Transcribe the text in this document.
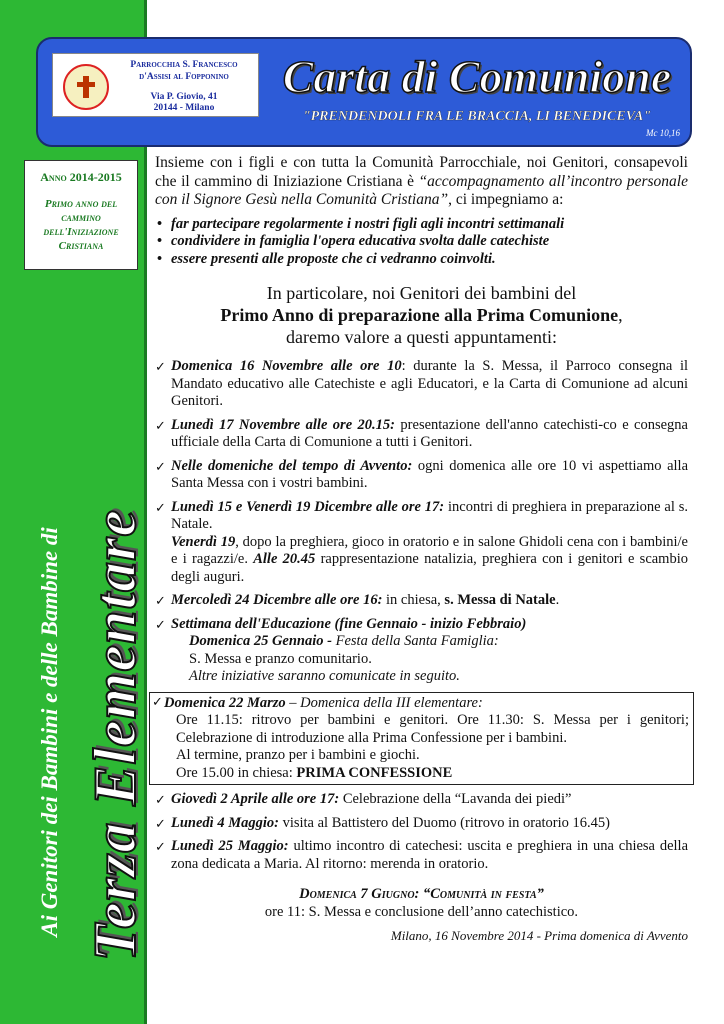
Anno 2014-2015
Primo anno del cammino dell'Iniziazione Cristiana
Terza Elementare
Ai Genitori dei Bambini e delle Bambine di
Parrocchia S. Francesco
d'Assisi al Fopponino
Via P. Giovio, 41
20144 - Milano
Carta di Comunione
"PRENDENDOLI FRA LE BRACCIA, LI BENEDICEVA"
Mc 10,16
Insieme con i figli e con tutta la Comunità Parrocchiale, noi Genitori, consapevoli che il cammino di Iniziazione Cristiana è “accompagnamento all’incontro personale con il Signore Gesù nella Comunità Cristiana”, ci impegniamo a:
• far partecipare regolarmente i nostri figli agli incontri settimanali
• condividere in famiglia l'opera educativa svolta dalle catechiste
• essere presenti alle proposte che ci vedranno coinvolti.
In particolare, noi Genitori dei bambini del
Primo Anno di preparazione alla Prima Comunione,
daremo valore a questi appuntamenti:
✓ Domenica 16 Novembre alle ore 10: durante la S. Messa, il Parroco consegna il Mandato educativo alle Catechiste e agli Educatori, e la Carta di Comunione ad alcuni Genitori.
✓ Lunedì 17 Novembre alle ore 20.15: presentazione dell'anno catechisti-co e consegna ufficiale della Carta di Comunione a tutti i Genitori.
✓ Nelle domeniche del tempo di Avvento: ogni domenica alle ore 10 vi aspettiamo alla Santa Messa con i vostri bambini.
✓ Lunedì 15 e Venerdì 19 Dicembre alle ore 17: incontri di preghiera in preparazione al s. Natale.
Venerdì 19, dopo la preghiera, gioco in oratorio e in salone Ghidoli cena con i bambini/e e i ragazzi/e. Alle 20.45 rappresentazione natalizia, preghiera con i genitori e scambio degli auguri.
✓ Mercoledì 24 Dicembre alle ore 16: in chiesa, s. Messa di Natale.
✓ Settimana dell'Educazione (fine Gennaio - inizio Febbraio)
Domenica 25 Gennaio - Festa della Santa Famiglia:
S. Messa e pranzo comunitario.
Altre iniziative saranno comunicate in seguito.
✓ Domenica 22 Marzo – Domenica della III elementare:
Ore 11.15: ritrovo per bambini e genitori. Ore 11.30: S. Messa per i genitori; Celebrazione di introduzione alla Prima Confessione per i bambini.
Al termine, pranzo per i bambini e giochi.
Ore 15.00 in chiesa: PRIMA CONFESSIONE
✓ Giovedì 2 Aprile alle ore 17: Celebrazione della “Lavanda dei piedi”
✓ Lunedì 4 Maggio: visita al Battistero del Duomo (ritrovo in oratorio 16.45)
✓ Lunedì 25 Maggio: ultimo incontro di catechesi: uscita e preghiera in una chiesa della zona dedicata a Maria. Al ritorno: merenda in oratorio.
Domenica 7 Giugno: “Comunità in festa”
ore 11: S. Messa e conclusione dell’anno catechistico.
Milano, 16 Novembre 2014 - Prima domenica di Avvento
